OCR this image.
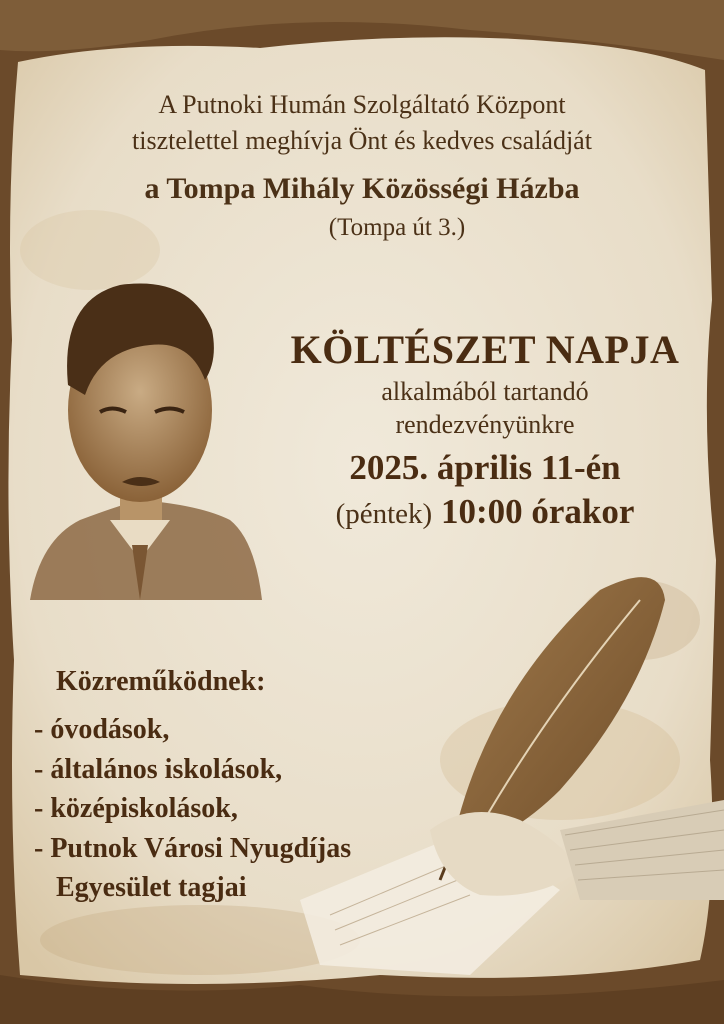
A Putnoki Humán Szolgáltató Központ
tisztelettel meghívja Önt és kedves családját
a Tompa Mihály Közösségi Házba
(Tompa út 3.)
KÖLTÉSZET NAPJA
alkalmából tartandó
rendezvényünkre
2025. április 11-én
(péntek) 10:00 órakor
Közreműködnek:
- óvodások,
- általános iskolások,
- középiskolások,
- Putnok Városi Nyugdíjas
Egyesület tagjai
